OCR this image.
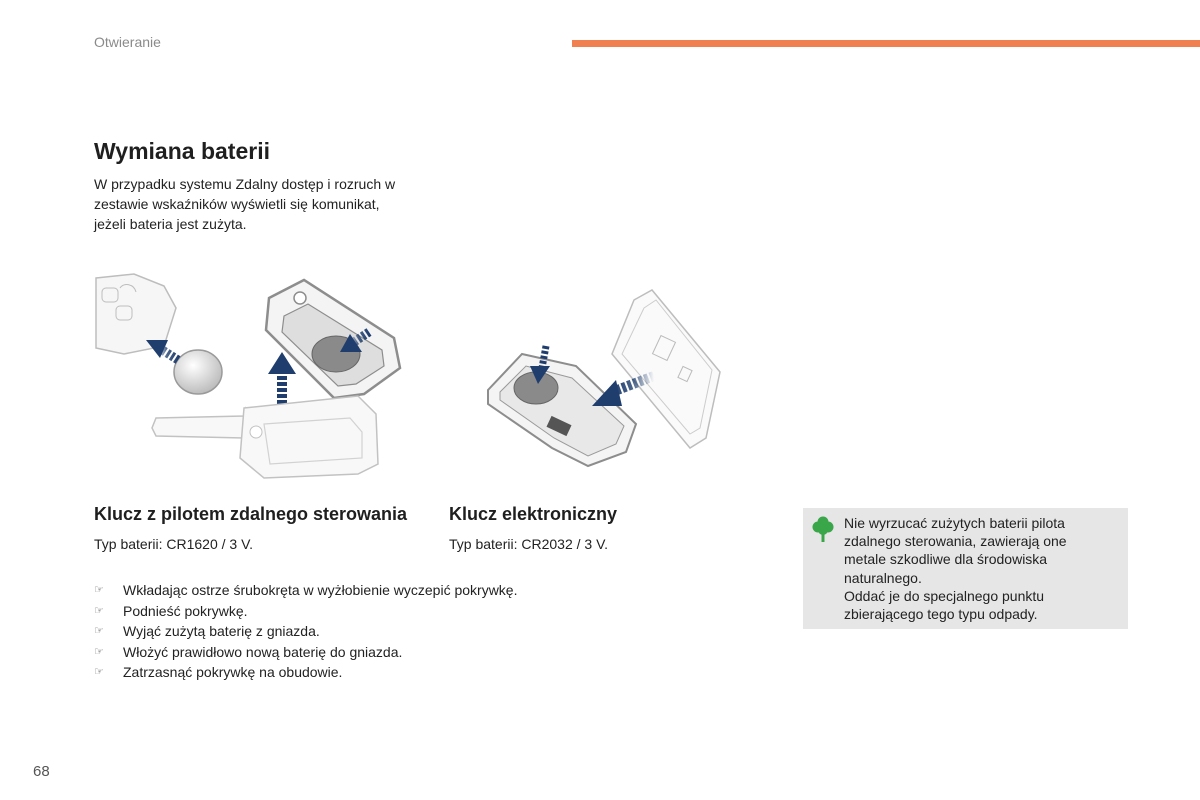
Otwieranie
Wymiana baterii

W przypadku systemu Zdalny dostęp i rozruch w zestawie wskaźników wyświetli się komunikat, jeżeli bateria jest zużyta.

Klucz z pilotem zdalnego sterowania Klucz elektroniczny
Typ baterii: CR1620 / 3 V.	Typ baterii: CR2032 / 3 V.
☞ Wkładając ostrze śrubokręta w wyżłobienie wyczepić pokrywkę.
☞ Podnieść pokrywkę.
☞ Wyjąć zużytą baterię z gniazda.
☞ Włożyć prawidłowo nową baterię do gniazda.
☞ Zatrzasnąć pokrywkę na obudowie.
Nie wyrzucać zużytych baterii pilota
zdalnego sterowania, zawierają one
metale szkodliwe dla środowiska
naturalnego.
Oddać je do specjalnego punktu
zbierającego tego typu odpady.
68
